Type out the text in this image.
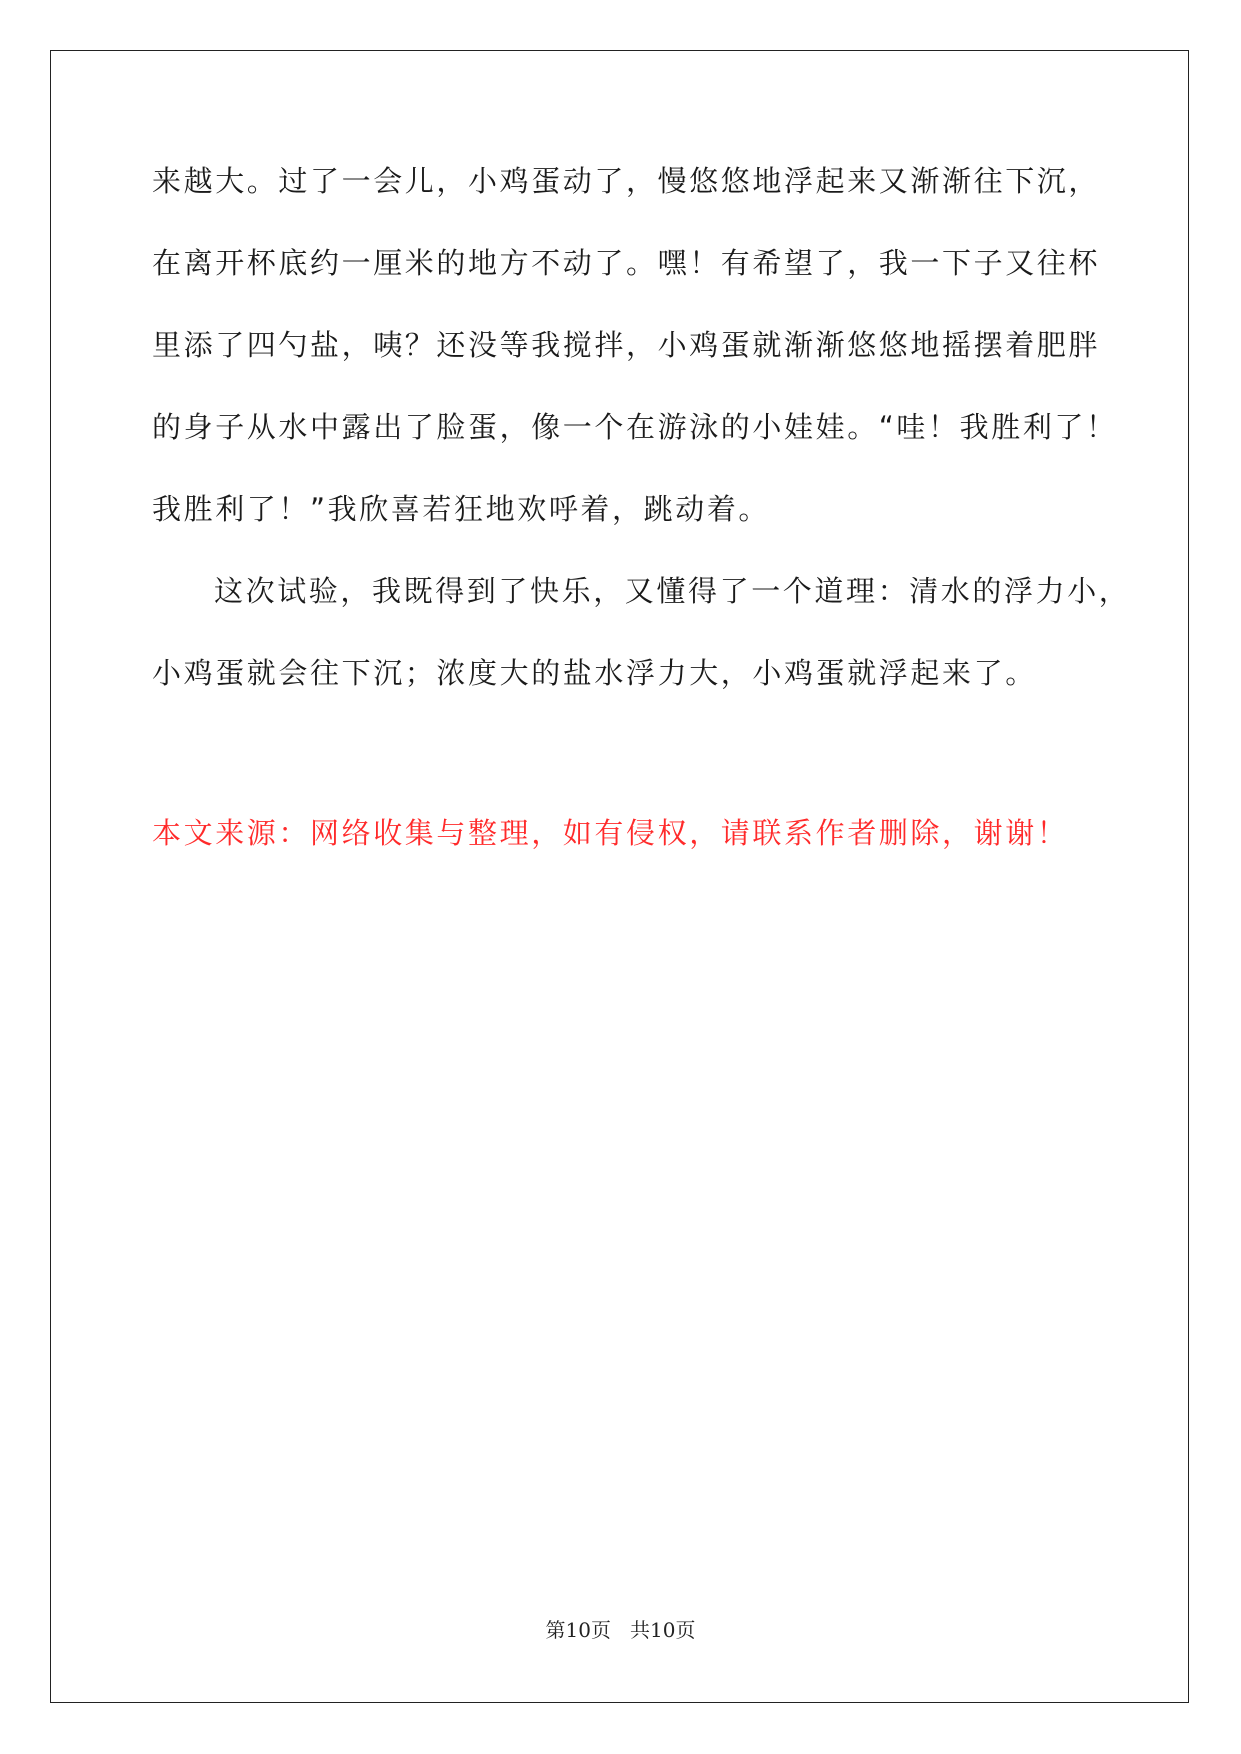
来越大。过了一会儿，小鸡蛋动了，慢悠悠地浮起来又渐渐往下沉，

在离开杯底约一厘米的地方不动了。嘿！有希望了，我一下子又往杯

里添了四勺盐，咦？还没等我搅拌，小鸡蛋就渐渐悠悠地摇摆着肥胖

的身子从水中露出了脸蛋，像一个在游泳的小娃娃。“哇！我胜利了！

我胜利了！”我欣喜若狂地欢呼着，跳动着。

这次试验，我既得到了快乐，又懂得了一个道理：清水的浮力小，

小鸡蛋就会往下沉；浓度大的盐水浮力大，小鸡蛋就浮起来了。

本文来源：网络收集与整理，如有侵权，请联系作者删除，谢谢！
第10页   共10页
